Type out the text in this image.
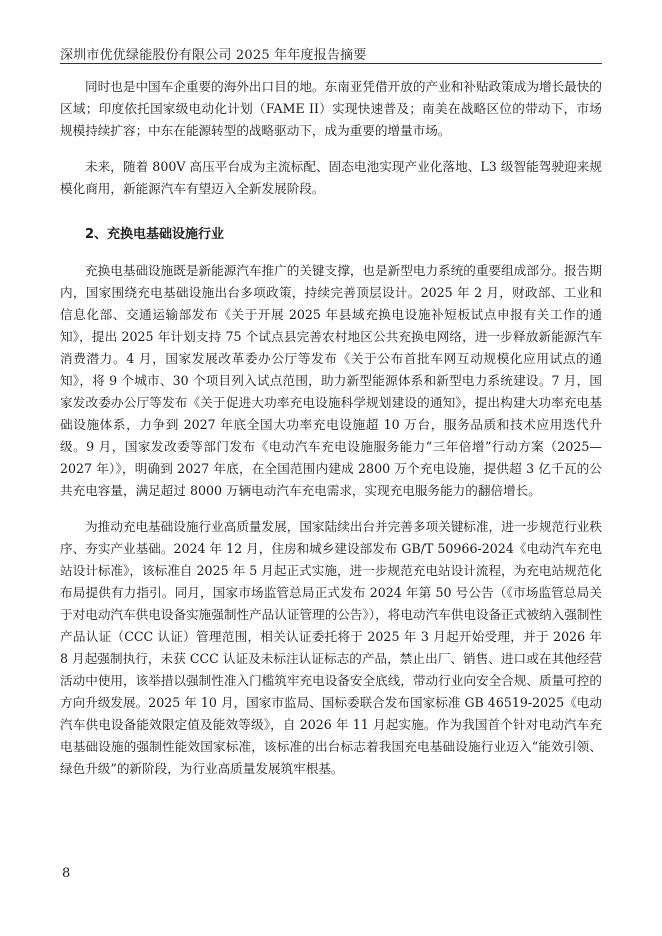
深圳市优优绿能股份有限公司 2025 年年度报告摘要

同时也是中国车企重要的海外出口目的地。东南亚凭借开放的产业和补贴政策成为增长最快的区域；印度依托国家级电动化计划（FAME II）实现快速普及；南美在战略区位的带动下，市场规模持续扩容；中东在能源转型的战略驱动下，成为重要的增量市场。

未来，随着 800V 高压平台成为主流标配、固态电池实现产业化落地、L3 级智能驾驶迎来规模化商用，新能源汽车有望迈入全新发展阶段。

2、充换电基础设施行业

充换电基础设施既是新能源汽车推广的关键支撑，也是新型电力系统的重要组成部分。报告期内，国家围绕充电基础设施出台多项政策，持续完善顶层设计。2025 年 2 月，财政部、工业和信息化部、交通运输部发布《关于开展 2025 年县域充换电设施补短板试点申报有关工作的通知》，提出 2025 年计划支持 75 个试点县完善农村地区公共充换电网络，进一步释放新能源汽车消费潜力。4 月，国家发展改革委办公厅等发布《关于公布首批车网互动规模化应用试点的通知》，将 9 个城市、30 个项目列入试点范围，助力新型能源体系和新型电力系统建设。7 月，国家发改委办公厅等发布《关于促进大功率充电设施科学规划建设的通知》，提出构建大功率充电基础设施体系，力争到 2027 年底全国大功率充电设施超 10 万台，服务品质和技术应用迭代升级。9 月，国家发改委等部门发布《电动汽车充电设施服务能力“三年倍增”行动方案（2025—2027 年）》，明确到 2027 年底，在全国范围内建成 2800 万个充电设施，提供超 3 亿千瓦的公共充电容量，满足超过 8000 万辆电动汽车充电需求，实现充电服务能力的翻倍增长。

为推动充电基础设施行业高质量发展，国家陆续出台并完善多项关键标准，进一步规范行业秩序、夯实产业基础。2024 年 12 月，住房和城乡建设部发布 GB/T 50966-2024《电动汽车充电站设计标准》，该标准自 2025 年 5 月起正式实施，进一步规范充电站设计流程，为充电站规范化布局提供有力指引。同月，国家市场监管总局正式发布 2024 年第 50 号公告（《市场监管总局关于对电动汽车供电设备实施强制性产品认证管理的公告》），将电动汽车供电设备正式被纳入强制性产品认证（CCC 认证）管理范围，相关认证委托将于 2025 年 3 月起开始受理，并于 2026 年 8 月起强制执行，未获 CCC 认证及未标注认证标志的产品，禁止出厂、销售、进口或在其他经营活动中使用，该举措以强制性准入门槛筑牢充电设备安全底线，带动行业向安全合规、质量可控的方向升级发展。2025 年 10 月，国家市监局、国标委联合发布国家标准 GB 46519-2025《电动汽车供电设备能效限定值及能效等级》，自 2026 年 11 月起实施。作为我国首个针对电动汽车充电基础设施的强制性能效国家标准，该标准的出台标志着我国充电基础设施行业迈入“能效引领、绿色升级”的新阶段，为行业高质量发展筑牢根基。

8
